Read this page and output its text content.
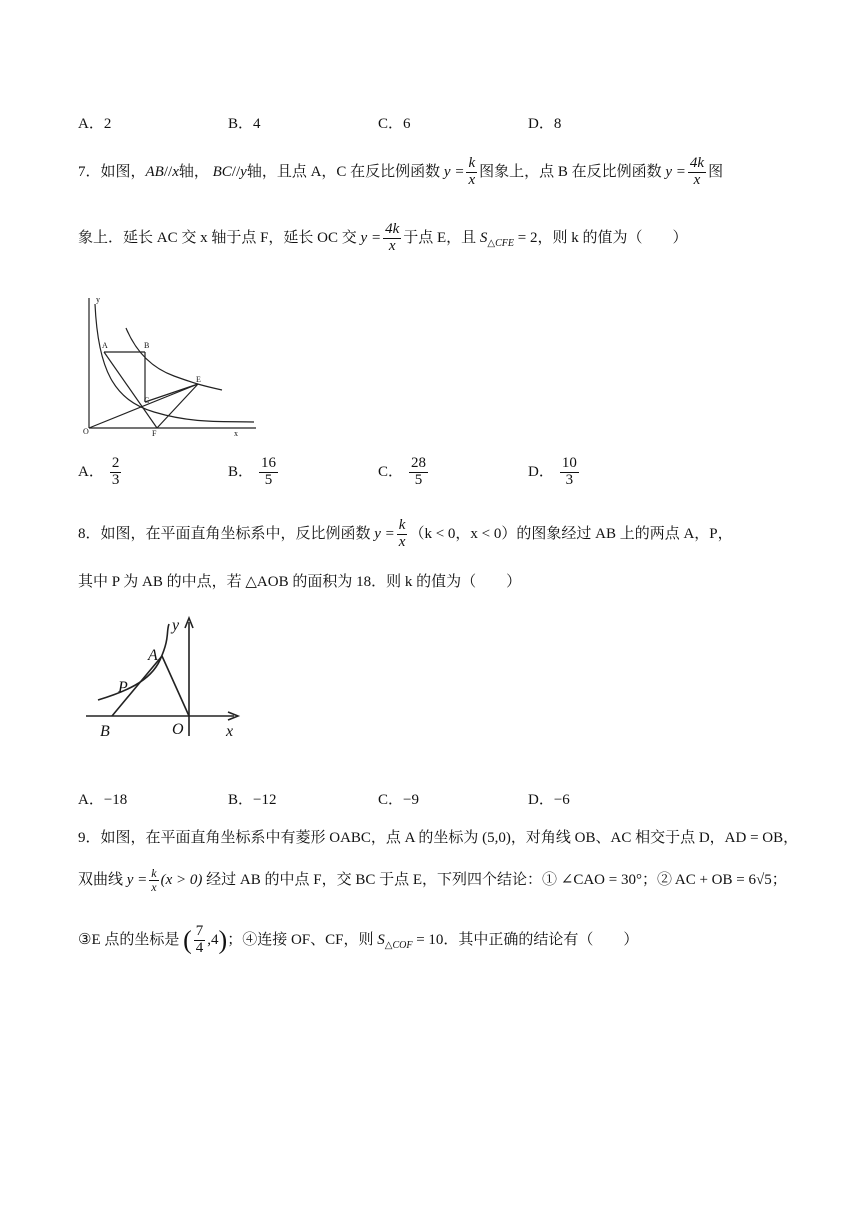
A．2	B．4	C．6	D．8
7．如图，AB//x轴， BC//y轴，且点 A，C 在反比例函数 $y = \frac{k}{x}$ 图象上，点 B 在反比例函数 $y = \frac{4k}{x}$ 图
象上．延长 AC 交 x 轴于点 F，延长 OC 交 $y = \frac{4k}{x}$ 于点 E，且 $S_{\triangle CFE} = 2$，则 k 的值为（　　）
y
A	B
C
E
O	F	x
A． $\frac{2}{3}$	B． $\frac{16}{5}$	C． $\frac{28}{5}$	D． $\frac{10}{3}$
8．如图，在平面直角坐标系中，反比例函数 $y = \frac{k}{x} (k < 0$，x < 0）的图象经过 AB 上的两点 A，P，
其中 P 为 AB 的中点，若 △AOB 的面积为 18．则 k 的值为（　　）
y
A
P
B	O	x
A．−18	B．−12	C．−9	D．−6
9．如图，在平面直角坐标系中有菱形 OABC，点 A 的坐标为 (5,0)，对角线 OB、AC 相交于点 D，AD = OB，
双曲线 $y = \frac{k}{x} (x > 0)$ 经过 AB 的中点 F，交 BC 于点 E，下列四个结论：① ∠CAO = 30°；② AC + OB = 6√5；
③E 点的坐标是 ( $\frac{7}{4} ,4$)；④连接 OF、CF，则 $S_{\triangle COF} = 10$．其中正确的结论有（　　）
